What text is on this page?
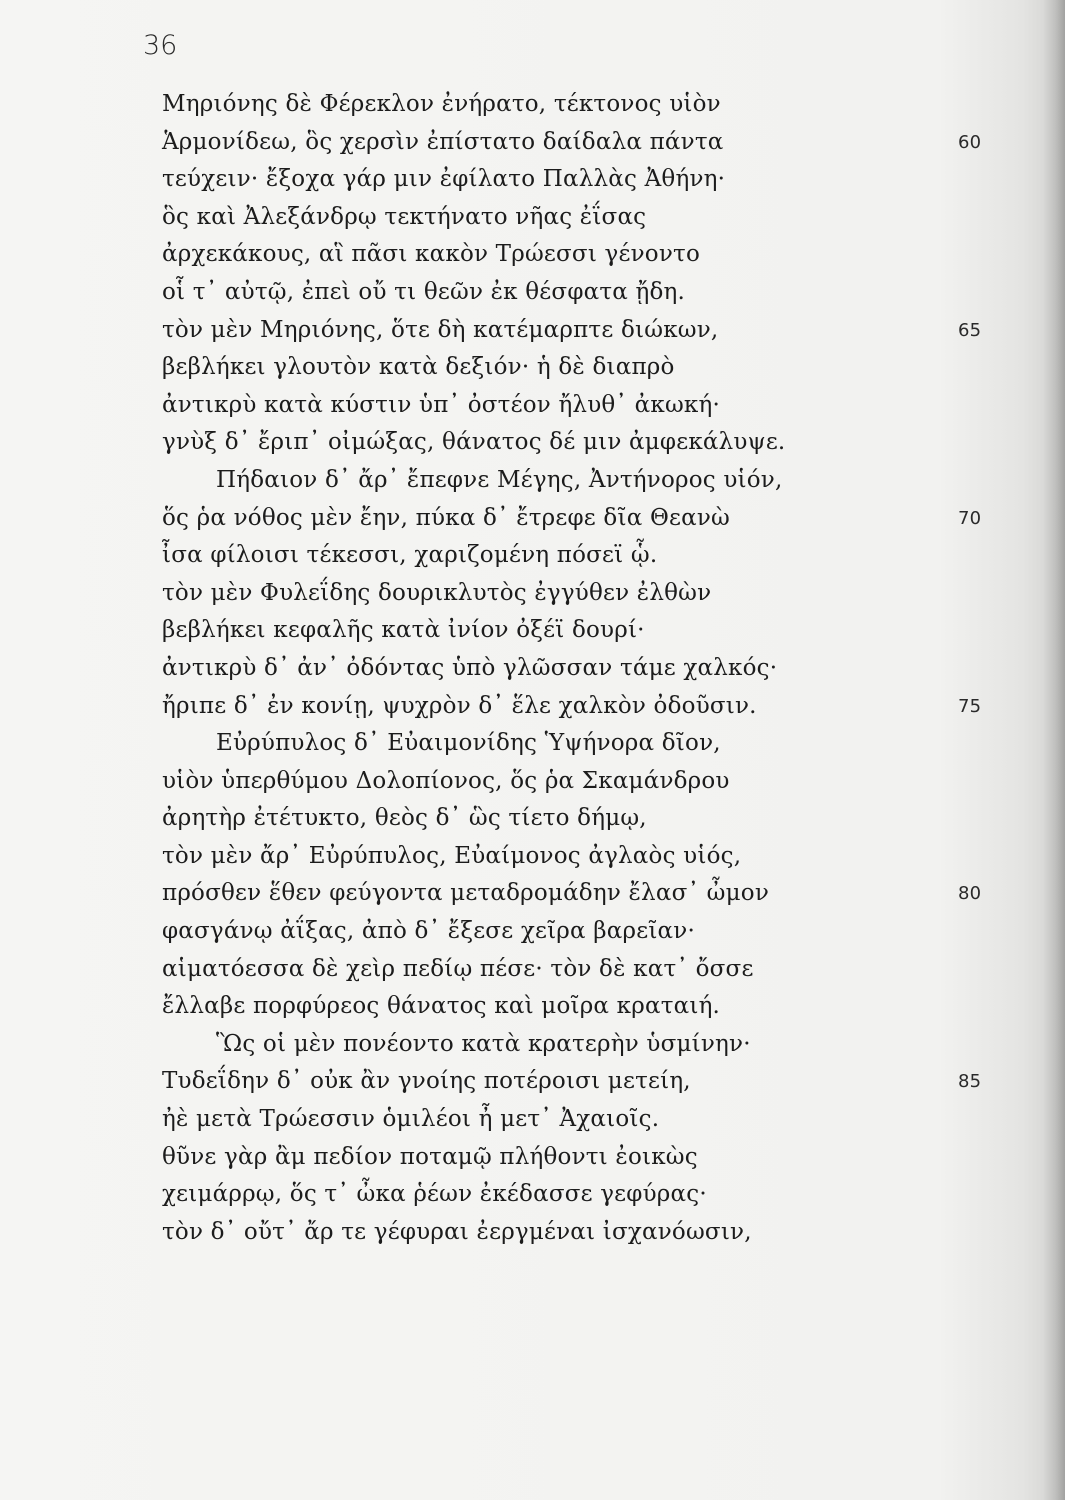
36
Μηριόνης δὲ Φέρεκλον ἐνήρατο, τέκτονος υἱὸν
Ἁρμονίδεω, ὃς χερσὶν ἐπίστατο δαίδαλα πάντα	60
τεύχειν· ἔξοχα γάρ μιν ἐφίλατο Παλλὰς Ἀθήνη·
ὃς καὶ Ἀλεξάνδρῳ τεκτήνατο νῆας ἐΐσας
ἀρχεκάκους, αἳ πᾶσι κακὸν Τρώεσσι γένοντο
οἷ τ᾽ αὐτῷ, ἐπεὶ οὔ τι θεῶν ἐκ θέσφατα ᾔδη.
τὸν μὲν Μηριόνης, ὅτε δὴ κατέμαρπτε διώκων,	65
βεβλήκει γλουτὸν κατὰ δεξιόν· ἡ δὲ διαπρὸ
ἀντικρὺ κατὰ κύστιν ὑπ᾽ ὀστέον ἤλυθ᾽ ἀκωκή·
γνὺξ δ᾽ ἔριπ᾽ οἰμώξας, θάνατος δέ μιν ἀμφεκάλυψε.
Πήδαιον δ᾽ ἄρ᾽ ἔπεφνε Μέγης, Ἀντήνορος υἱόν,
ὅς ῥα νόθος μὲν ἔην, πύκα δ᾽ ἔτρεφε δῖα Θεανὼ	70
ἶσα φίλοισι τέκεσσι, χαριζομένη πόσεϊ ᾧ.
τὸν μὲν Φυλεΐδης δουρικλυτὸς ἐγγύθεν ἐλθὼν
βεβλήκει κεφαλῆς κατὰ ἰνίον ὀξέϊ δουρί·
ἀντικρὺ δ᾽ ἀν᾽ ὀδόντας ὑπὸ γλῶσσαν τάμε χαλκός·
ἤριπε δ᾽ ἐν κονίῃ, ψυχρὸν δ᾽ ἕλε χαλκὸν ὀδοῦσιν.	75
Εὐρύπυλος δ᾽ Εὐαιμονίδης Ὑψήνορα δῖον,
υἱὸν ὑπερθύμου Δολοπίονος, ὅς ῥα Σκαμάνδρου
ἀρητὴρ ἐτέτυκτο, θεὸς δ᾽ ὣς τίετο δήμῳ,
τὸν μὲν ἄρ᾽ Εὐρύπυλος, Εὐαίμονος ἀγλαὸς υἱός,
πρόσθεν ἕθεν φεύγοντα μεταδρομάδην ἔλασ᾽ ὦμον	80
φασγάνῳ ἀΐξας, ἀπὸ δ᾽ ἔξεσε χεῖρα βαρεῖαν·
αἱματόεσσα δὲ χεὶρ πεδίῳ πέσε· τὸν δὲ κατ᾽ ὄσσε
ἔλλαβε πορφύρεος θάνατος καὶ μοῖρα κραταιή.
Ὣς οἱ μὲν πονέοντο κατὰ κρατερὴν ὑσμίνην·
Τυδεΐδην δ᾽ οὐκ ἂν γνοίης ποτέροισι μετείη,	85
ἠὲ μετὰ Τρώεσσιν ὁμιλέοι ἦ μετ᾽ Ἀχαιοῖς.
θῦνε γὰρ ἂμ πεδίον ποταμῷ πλήθοντι ἐοικὼς
χειμάρρῳ, ὅς τ᾽ ὦκα ῥέων ἐκέδασσε γεφύρας·
τὸν δ᾽ οὔτ᾽ ἄρ τε γέφυραι ἐεργμέναι ἰσχανόωσιν,
